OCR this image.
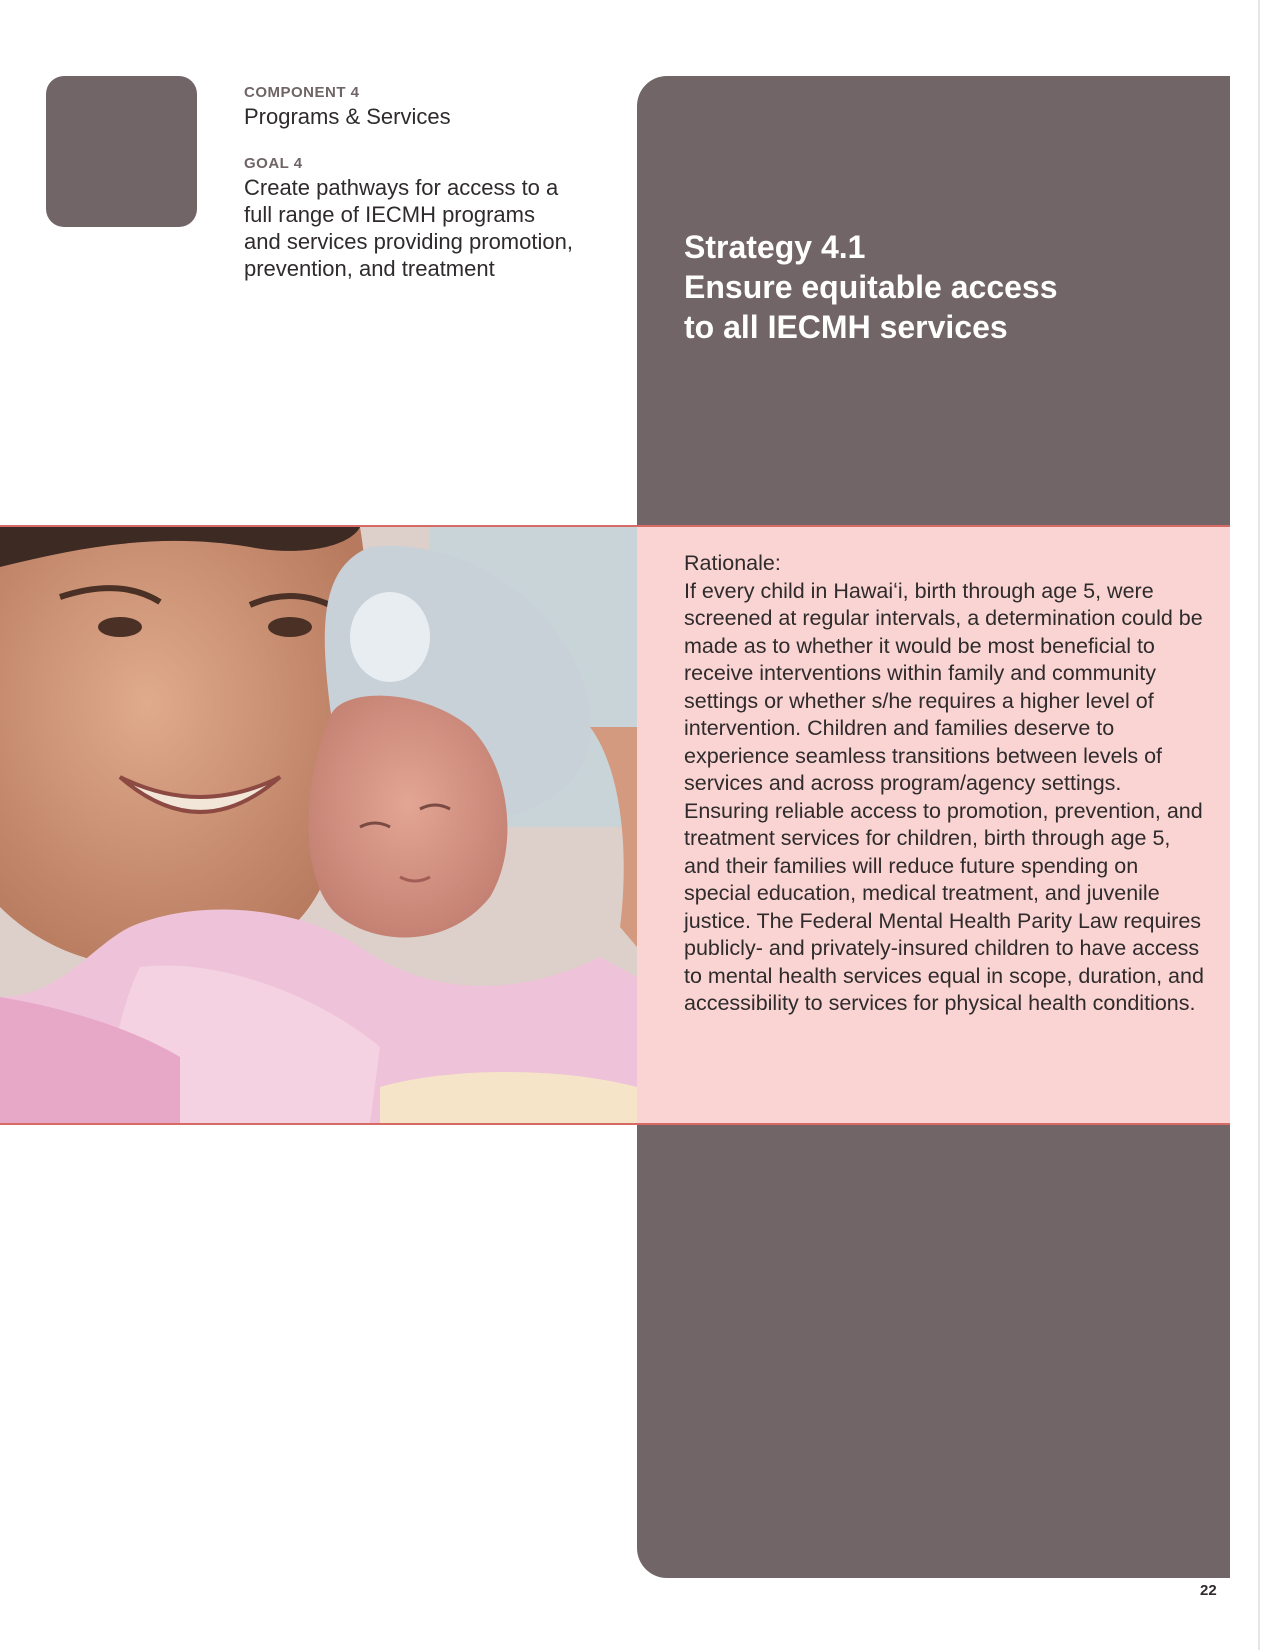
COMPONENT 4

Programs & Services

GOAL 4

Create pathways for access to a full range of IECMH programs and services providing promotion, prevention, and treatment

Strategy 4.1
Ensure equitable access
to all IECMH services
Rationale:
If every child in Hawaiʻi, birth through age 5, were screened at regular intervals, a determination could be made as to whether it would be most beneficial to receive interventions within family and community settings or whether s/he requires a higher level of intervention. Children and families deserve to experience seamless transitions between levels of services and across program/agency settings. Ensuring reliable access to promotion, prevention, and treatment services for children, birth through age 5, and their families will reduce future spending on special education, medical treatment, and juvenile justice. The Federal Mental Health Parity Law requires publicly- and privately-insured children to have access to mental health services equal in scope, duration, and accessibility to services for physical health conditions.
22
